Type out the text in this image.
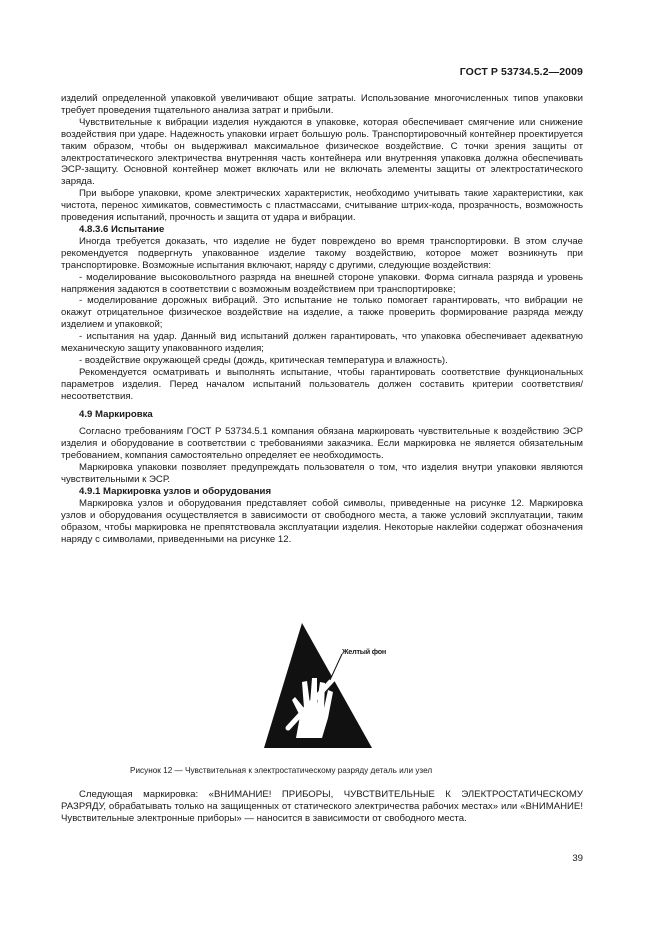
ГОСТ Р 53734.5.2—2009

изделий определенной упаковкой увеличивают общие затраты. Использование многочисленных типов упаковки требует проведения тщательного анализа затрат и прибыли.

Чувствительные к вибрации изделия нуждаются в упаковке, которая обеспечивает смягчение или снижение воздействия при ударе. Надежность упаковки играет большую роль. Транспортировочный контейнер проектируется таким образом, чтобы он выдерживал максимальное физическое воздействие. С точки зрения защиты от электростатического электричества внутренняя часть контейнера или внутренняя упаковка должна обеспечивать ЭСР-защиту. Основной контейнер может включать или не включать элементы защиты от электростатического заряда.

При выборе упаковки, кроме электрических характеристик, необходимо учитывать такие характеристики, как чистота, перенос химикатов, совместимость с пластмассами, считывание штрих-кода, прозрачность, возможность проведения испытаний, прочность и защита от удара и вибрации.

4.8.3.6 Испытание

Иногда требуется доказать, что изделие не будет повреждено во время транспортировки. В этом случае рекомендуется подвергнуть упакованное изделие такому воздействию, которое может возникнуть при транспортировке. Возможные испытания включают, наряду с другими, следующие воздействия:

- моделирование высоковольтного разряда на внешней стороне упаковки. Форма сигнала разряда и уровень напряжения задаются в соответствии с возможным воздействием при транспортировке;

- моделирование дорожных вибраций. Это испытание не только помогает гарантировать, что вибрации не окажут отрицательное физическое воздействие на изделие, а также проверить формирование разряда между изделием и упаковкой;

- испытания на удар. Данный вид испытаний должен гарантировать, что упаковка обеспечивает адекватную механическую защиту упакованного изделия;

- воздействие окружающей среды (дождь, критическая температура и влажность).

Рекомендуется осматривать и выполнять испытание, чтобы гарантировать соответствие функциональных параметров изделия. Перед началом испытаний пользователь должен составить критерии соответствия/несоответствия.

4.9 Маркировка

Согласно требованиям ГОСТ Р 53734.5.1 компания обязана маркировать чувствительные к воздействию ЭСР изделия и оборудование в соответствии с требованиями заказчика. Если маркировка не является обязательным требованием, компания самостоятельно определяет ее необходимость.

Маркировка упаковки позволяет предупреждать пользователя о том, что изделия внутри упаковки являются чувствительными к ЭСР.

4.9.1 Маркировка узлов и оборудования

Маркировка узлов и оборудования представляет собой символы, приведенные на рисунке 12. Маркировка узлов и оборудования осуществляется в зависимости от свободного места, а также условий эксплуатации, таким образом, чтобы маркировка не препятствовала эксплуатации изделия. Некоторые наклейки содержат обозначения наряду с символами, приведенными на рисунке 12.

Желтый фон
Рисунок 12 — Чувствительная к электростатическому разряду деталь или узел

Следующая маркировка: «ВНИМАНИЕ! ПРИБОРЫ, ЧУВСТВИТЕЛЬНЫЕ К ЭЛЕКТРОСТАТИЧЕСКОМУ РАЗРЯДУ, обрабатывать только на защищенных от статического электричества рабочих местах» или «ВНИМАНИЕ! Чувствительные электронные приборы» — наносится в зависимости от свободного места.

39
